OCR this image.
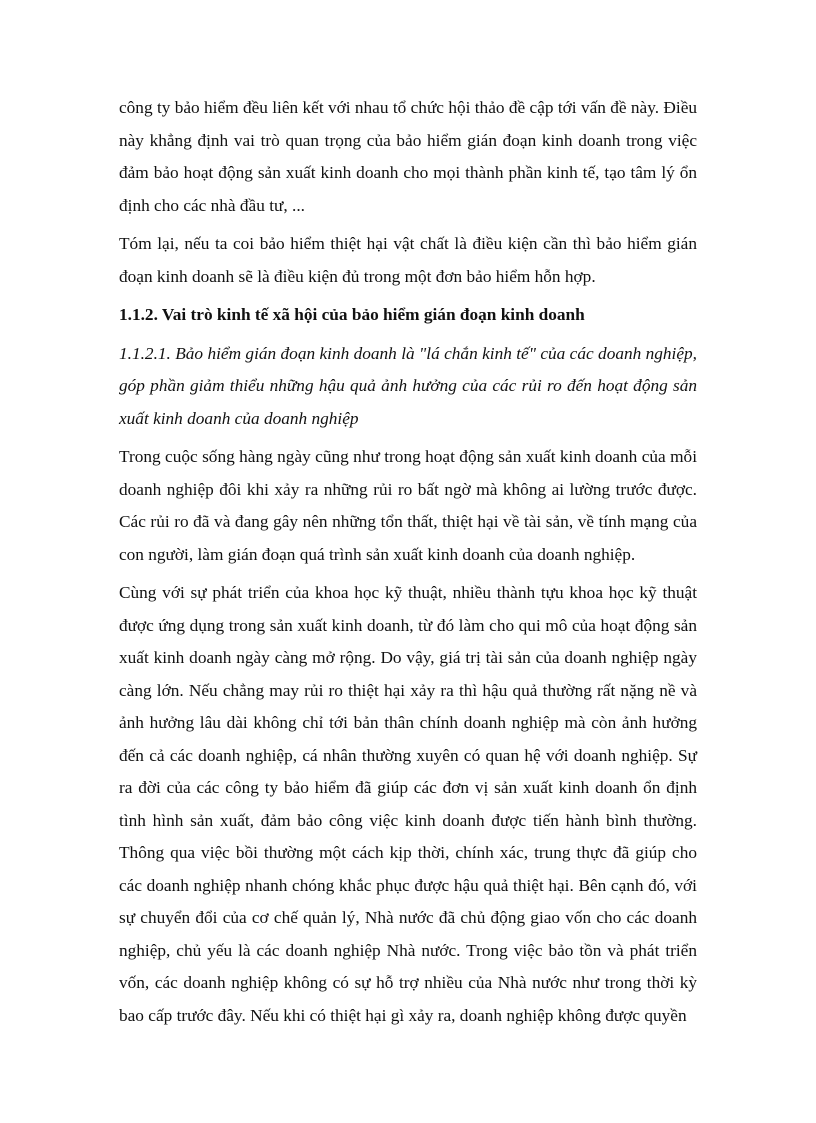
công ty bảo hiểm đều liên kết với nhau tổ chức hội thảo đề cập tới vấn đề này. Điều này khẳng định vai trò quan trọng của bảo hiểm gián đoạn kinh doanh trong việc đảm bảo hoạt động sản xuất kinh doanh cho mọi thành phần kinh tế, tạo tâm lý ổn định cho các nhà đầu tư, ...

Tóm lại, nếu ta coi bảo hiểm thiệt hại vật chất là điều kiện cần thì bảo hiểm gián đoạn kinh doanh sẽ là điều kiện đủ trong một đơn bảo hiểm hỗn hợp.

1.1.2. Vai trò kinh tế xã hội của bảo hiểm gián đoạn kinh doanh

1.1.2.1. Bảo hiểm gián đoạn kinh doanh là "lá chắn kinh tế" của các doanh nghiệp, góp phần giảm thiểu những hậu quả ảnh hưởng của các rủi ro đến hoạt động sản xuất kinh doanh của doanh nghiệp

Trong cuộc sống hàng ngày cũng như trong hoạt động sản xuất kinh doanh của mỗi doanh nghiệp đôi khi xảy ra những rủi ro bất ngờ mà không ai lường trước được. Các rủi ro đã và đang gây nên những tổn thất, thiệt hại về tài sản, về tính mạng của con người, làm gián đoạn quá trình sản xuất kinh doanh của doanh nghiệp.

Cùng với sự phát triển của khoa học kỹ thuật, nhiều thành tựu khoa học kỹ thuật được ứng dụng trong sản xuất kinh doanh, từ đó làm cho qui mô của hoạt động sản xuất kinh doanh ngày càng mở rộng. Do vậy, giá trị tài sản của doanh nghiệp ngày càng lớn. Nếu chẳng may rủi ro thiệt hại xảy ra thì hậu quả thường rất nặng nề và ảnh hưởng lâu dài không chỉ tới bản thân chính doanh nghiệp mà còn ảnh hưởng đến cả các doanh nghiệp, cá nhân thường xuyên có quan hệ với doanh nghiệp. Sự ra đời của các công ty bảo hiểm đã giúp các đơn vị sản xuất kinh doanh ổn định tình hình sản xuất, đảm bảo công việc kinh doanh được tiến hành bình thường. Thông qua việc bồi thường một cách kịp thời, chính xác, trung thực đã giúp cho các doanh nghiệp nhanh chóng khắc phục được hậu quả thiệt hại. Bên cạnh đó, với sự chuyển đổi của cơ chế quản lý, Nhà nước đã chủ động giao vốn cho các doanh nghiệp, chủ yếu là các doanh nghiệp Nhà nước. Trong việc bảo tồn và phát triển vốn, các doanh nghiệp không có sự hỗ trợ nhiều của Nhà nước như trong thời kỳ bao cấp trước đây. Nếu khi có thiệt hại gì xảy ra, doanh nghiệp không được quyền
